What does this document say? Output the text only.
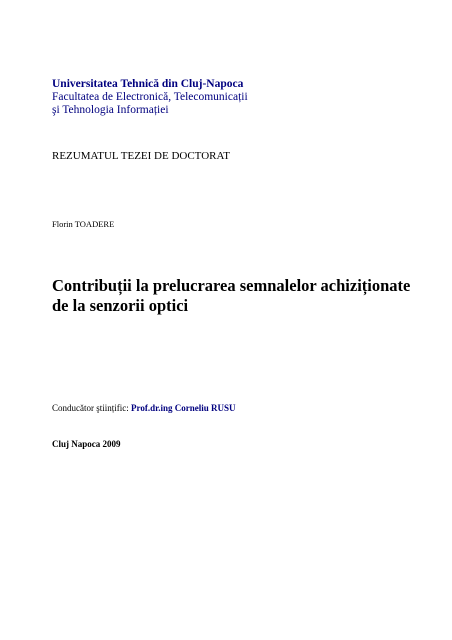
Universitatea Tehnică din Cluj-Napoca
Facultatea de Electronică, Telecomunicații
şi Tehnologia Informației
REZUMATUL TEZEI DE DOCTORAT
Florin TOADERE
Contribuții la prelucrarea semnalelor achiziționate
de la senzorii optici
Conducător ştiințific: Prof.dr.ing Corneliu RUSU
Cluj Napoca 2009
